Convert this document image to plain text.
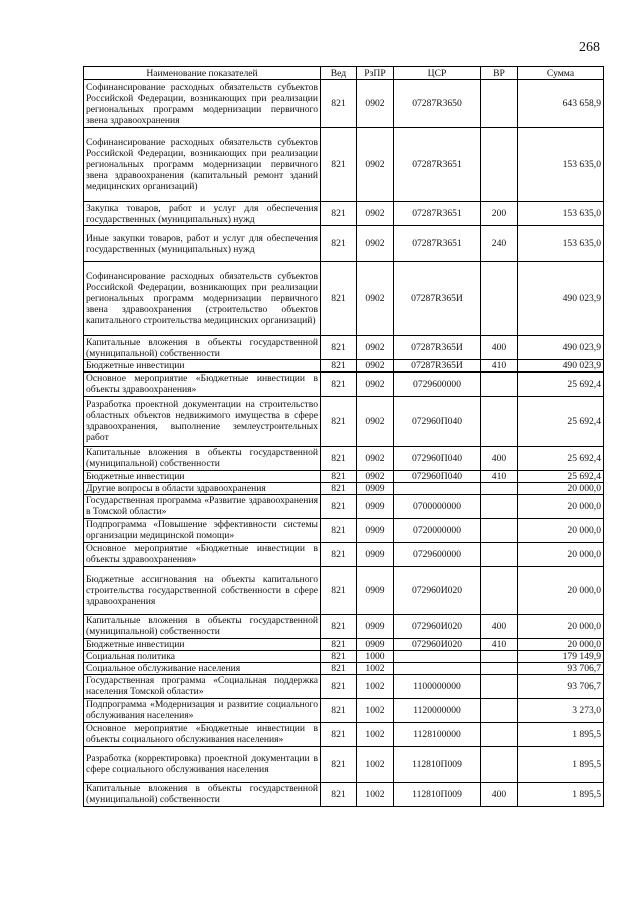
268
Наименование показателей	Вед	РзПР	ЦСР	ВР	Сумма
Софинансирование расходных обязательств субъектов Российской Федерации, возникающих при реализации региональных программ модернизации первичного звена здравоохранения	821	0902	07287R3650		643 658,9
Софинансирование расходных обязательств субъектов Российской Федерации, возникающих при реализации региональных программ модернизации первичного звена здравоохранения (капитальный ремонт зданий медицинских организаций)	821	0902	07287R3651		153 635,0
Закупка товаров, работ и услуг для обеспечения государственных (муниципальных) нужд	821	0902	07287R3651	200	153 635,0
Иные закупки товаров, работ и услуг для обеспечения государственных (муниципальных) нужд	821	0902	07287R3651	240	153 635,0
Софинансирование расходных обязательств субъектов Российской Федерации, возникающих при реализации региональных программ модернизации первичного звена здравоохранения (строительство объектов капитального строительства медицинских организаций)	821	0902	07287R365И		490 023,9
Капитальные вложения в объекты государственной (муниципальной) собственности	821	0902	07287R365И	400	490 023,9
Бюджетные инвестиции	821	0902	07287R365И	410	490 023,9
Основное мероприятие «Бюджетные инвестиции в объекты здравоохранения»	821	0902	0729600000		25 692,4
Разработка проектной документации на строительство областных объектов недвижимого имущества в сфере здравоохранения, выполнение землеустроительных работ	821	0902	072960П040		25 692,4
Капитальные вложения в объекты государственной (муниципальной) собственности	821	0902	072960П040	400	25 692,4
Бюджетные инвестиции	821	0902	072960П040	410	25 692,4
Другие вопросы в области здравоохранения	821	0909			20 000,0
Государственная программа «Развитие здравоохранения в Томской области»	821	0909	0700000000		20 000,0
Подпрограмма «Повышение эффективности системы организации медицинской помощи»	821	0909	0720000000		20 000,0
Основное мероприятие «Бюджетные инвестиции в объекты здравоохранения»	821	0909	0729600000		20 000,0
Бюджетные ассигнования на объекты капитального строительства государственной собственности в сфере здравоохранения	821	0909	072960И020		20 000,0
Капитальные вложения в объекты государственной (муниципальной) собственности	821	0909	072960И020	400	20 000,0
Бюджетные инвестиции	821	0909	072960И020	410	20 000,0
Социальная политика	821	1000			179 149,9
Социальное обслуживание населения	821	1002			93 706,7
Государственная программа «Социальная поддержка населения Томской области»	821	1002	1100000000		93 706,7
Подпрограмма «Модернизация и развитие социального обслуживания населения»	821	1002	1120000000		3 273,0
Основное мероприятие «Бюджетные инвестиции в объекты социального обслуживания населения»	821	1002	1128100000		1 895,5
Разработка (корректировка) проектной документации в сфере социального обслуживания населения	821	1002	112810П009		1 895,5
Капитальные вложения в объекты государственной (муниципальной) собственности	821	1002	112810П009	400	1 895,5
